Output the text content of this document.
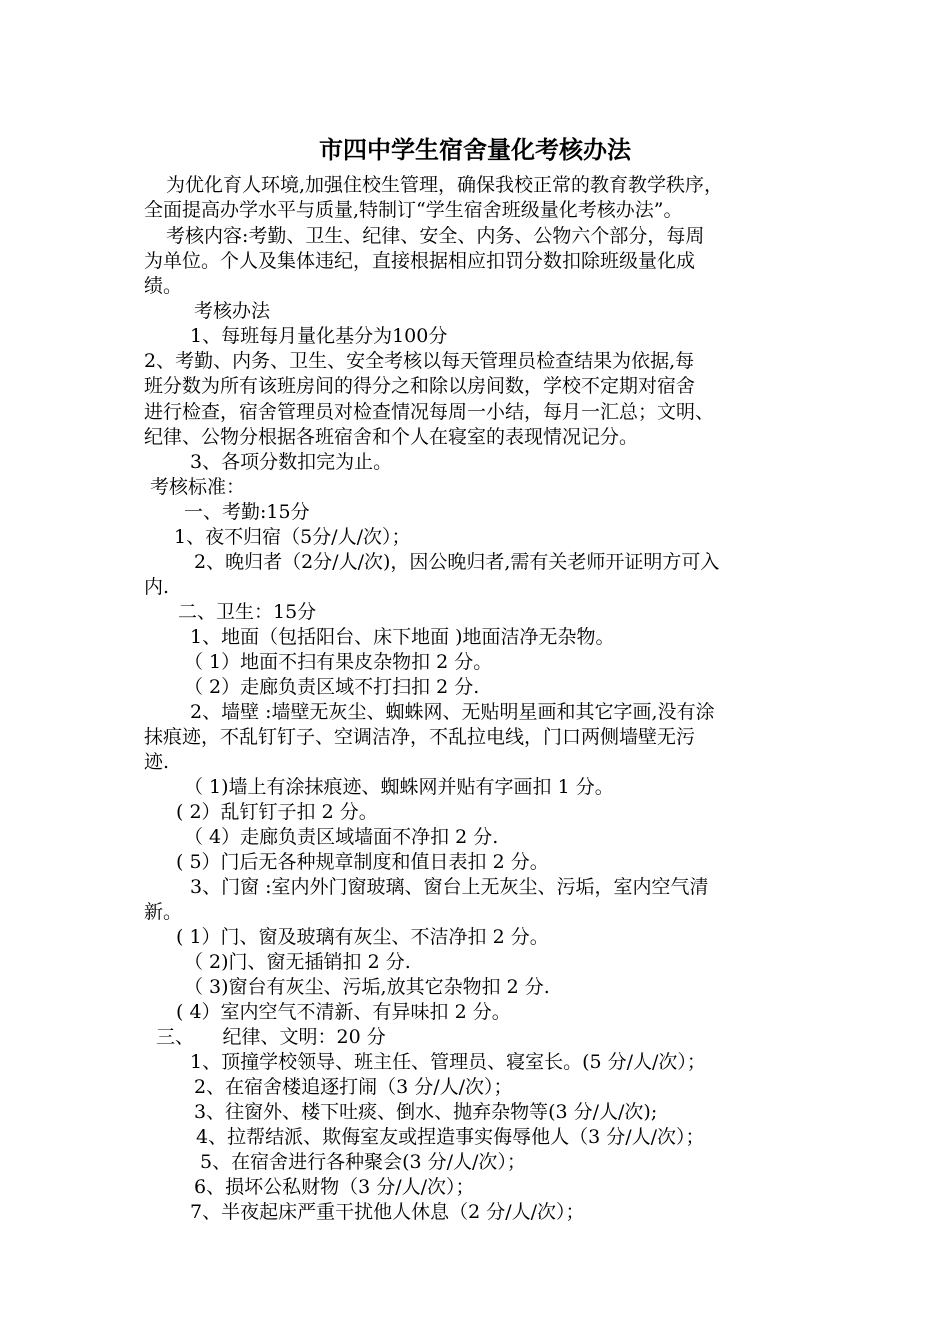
市四中学生宿舍量化考核办法
为优化育人环境,加强住校生管理，确保我校正常的教育教学秩序，
全面提高办学水平与质量,特制订“学生宿舍班级量化考核办法”。
考核内容:考勤、卫生、纪律、安全、内务、公物六个部分，每周
为单位。个人及集体违纪，直接根据相应扣罚分数扣除班级量化成
绩。
考核办法
1、每班每月量化基分为100分
2、考勤、内务、卫生、安全考核以每天管理员检查结果为依据,每
班分数为所有该班房间的得分之和除以房间数，学校不定期对宿舍
进行检查，宿舍管理员对检查情况每周一小结，每月一汇总；文明、
纪律、公物分根据各班宿舍和个人在寝室的表现情况记分。
3、各项分数扣完为止。
考核标准：
一、考勤:15分
1、夜不归宿（5分/人/次）；
2、晚归者（2分/人/次)，因公晚归者,需有关老师开证明方可入
内.
二、卫生：15分
1、地面（包括阳台、床下地面 )地面洁净无杂物。
（ 1）地面不扫有果皮杂物扣 2 分。
（ 2）走廊负责区域不打扫扣 2 分.
2、墙壁 :墙壁无灰尘、蜘蛛网、无贴明星画和其它字画,没有涂
抹痕迹，不乱钉钉子、空调洁净，不乱拉电线，门口两侧墙壁无污
迹.
（ 1)墙上有涂抹痕迹、蜘蛛网并贴有字画扣 1 分。
( 2）乱钉钉子扣 2 分。
（ 4）走廊负责区域墙面不净扣 2 分.
( 5）门后无各种规章制度和值日表扣 2 分。
3、门窗 :室内外门窗玻璃、窗台上无灰尘、污垢，室内空气清
新。
( 1）门、窗及玻璃有灰尘、不洁净扣 2 分。
（ 2)门、窗无插销扣 2 分.
（ 3)窗台有灰尘、污垢,放其它杂物扣 2 分.
( 4）室内空气不清新、有异味扣 2 分。
三、　　纪律、文明：20 分
1、顶撞学校领导、班主任、管理员、寝室长。(5 分/人/次）；
2、在宿舍楼追逐打闹（3 分/人/次）；
3、往窗外、楼下吐痰、倒水、抛弃杂物等(3 分/人/次);
4、拉帮结派、欺侮室友或捏造事实侮辱他人（3 分/人/次）；
5、在宿舍进行各种聚会(3 分/人/次）；
6、损坏公私财物（3 分/人/次）；
7、半夜起床严重干扰他人休息（2 分/人/次）；
